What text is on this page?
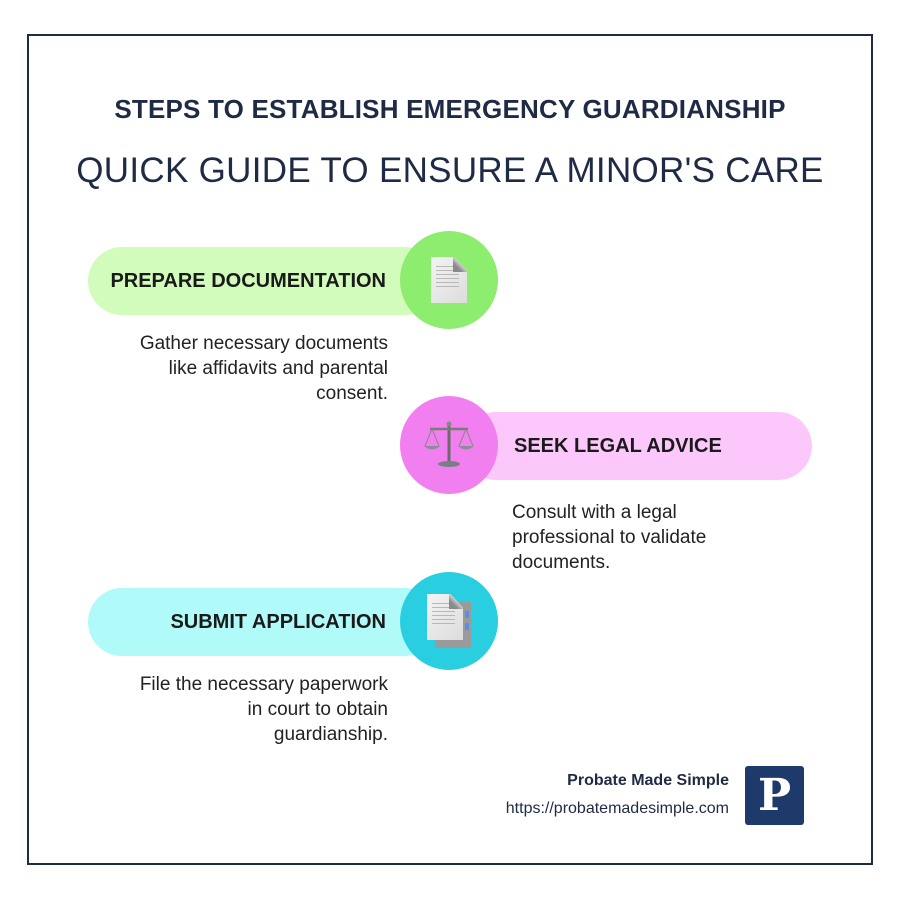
STEPS TO ESTABLISH EMERGENCY GUARDIANSHIP
QUICK GUIDE TO ENSURE A MINOR'S CARE
PREPARE DOCUMENTATION
Gather necessary documents
like affidavits and parental
consent.
SEEK LEGAL ADVICE
Consult with a legal
professional to validate
documents.
SUBMIT APPLICATION
File the necessary paperwork
in court to obtain
guardianship.
Probate Made Simple
https://probatemadesimple.com P
